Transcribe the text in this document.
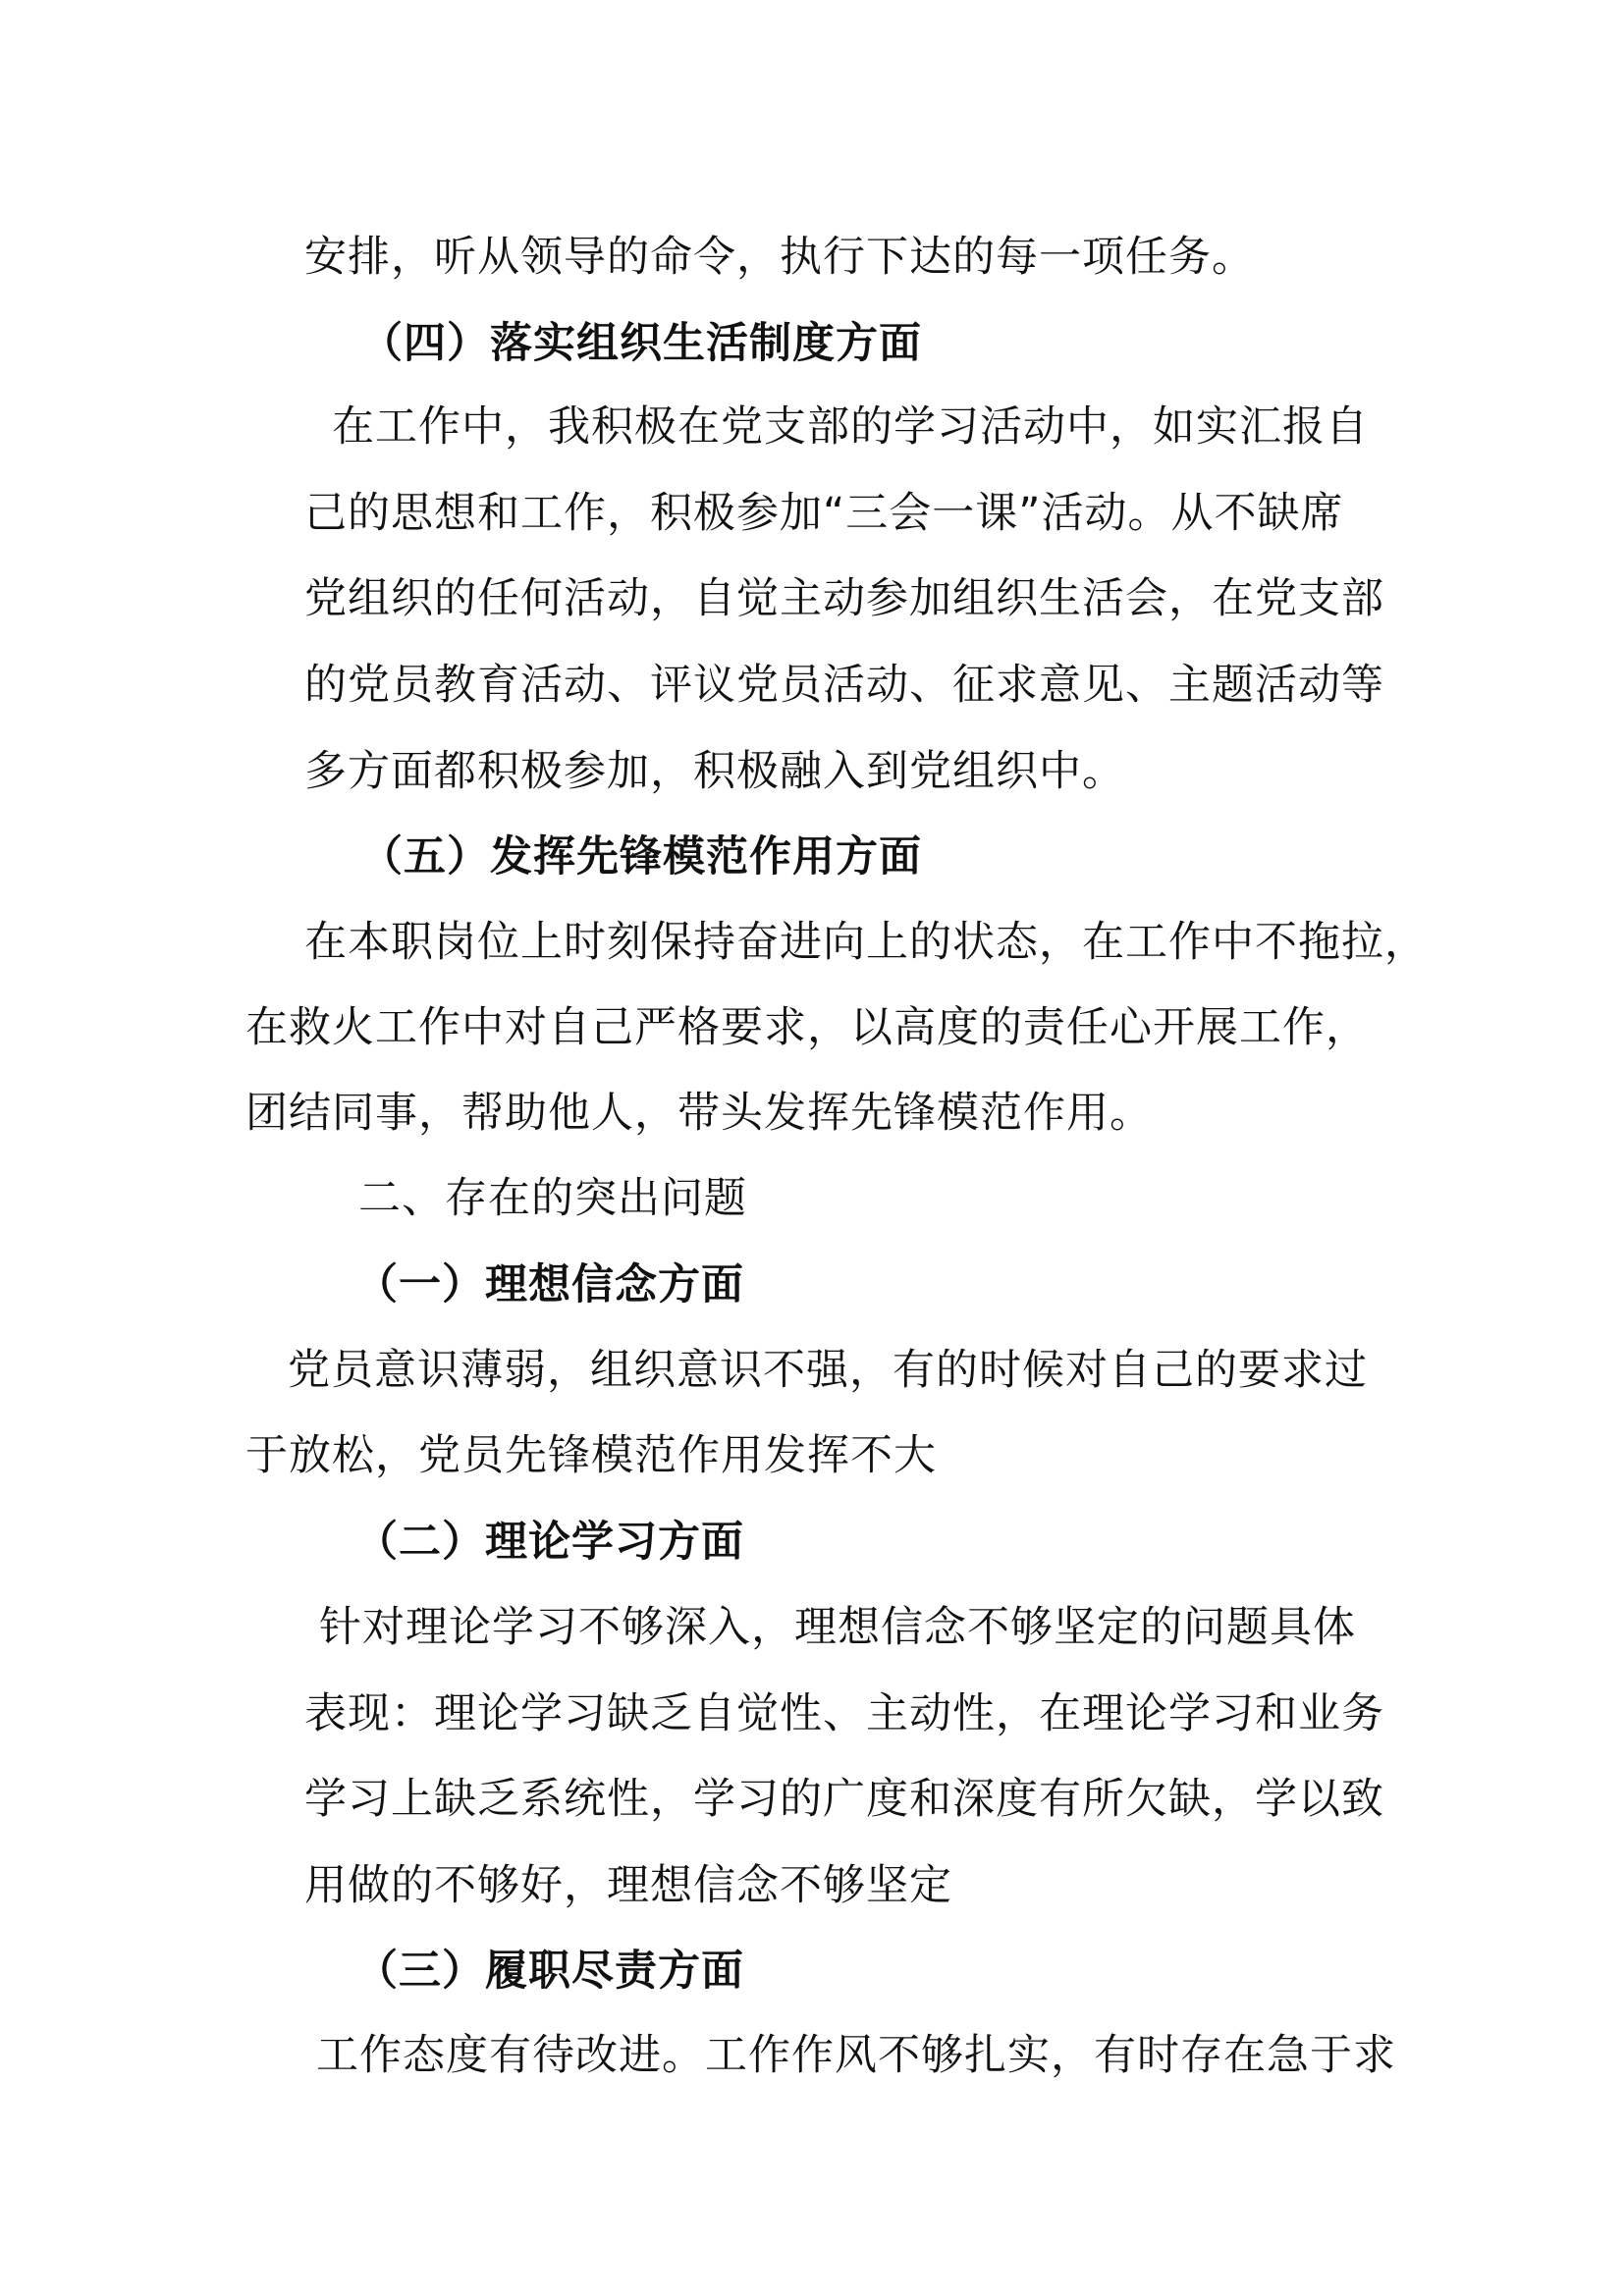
安排，听从领导的命令，执行下达的每一项任务。
（四）落实组织生活制度方面
在工作中，我积极在党支部的学习活动中，如实汇报自
己的思想和工作，积极参加“三会一课”活动。从不缺席
党组织的任何活动，自觉主动参加组织生活会，在党支部
的党员教育活动、评议党员活动、征求意见、主题活动等
多方面都积极参加，积极融入到党组织中。
（五）发挥先锋模范作用方面
在本职岗位上时刻保持奋进向上的状态，在工作中不拖拉，
在救火工作中对自己严格要求，以高度的责任心开展工作，
团结同事，帮助他人，带头发挥先锋模范作用。
二、存在的突出问题
（一）理想信念方面
党员意识薄弱，组织意识不强，有的时候对自己的要求过
于放松，党员先锋模范作用发挥不大
（二）理论学习方面
针对理论学习不够深入，理想信念不够坚定的问题具体
表现：理论学习缺乏自觉性、主动性，在理论学习和业务
学习上缺乏系统性，学习的广度和深度有所欠缺，学以致
用做的不够好，理想信念不够坚定
（三）履职尽责方面
工作态度有待改进。工作作风不够扎实，有时存在急于求
